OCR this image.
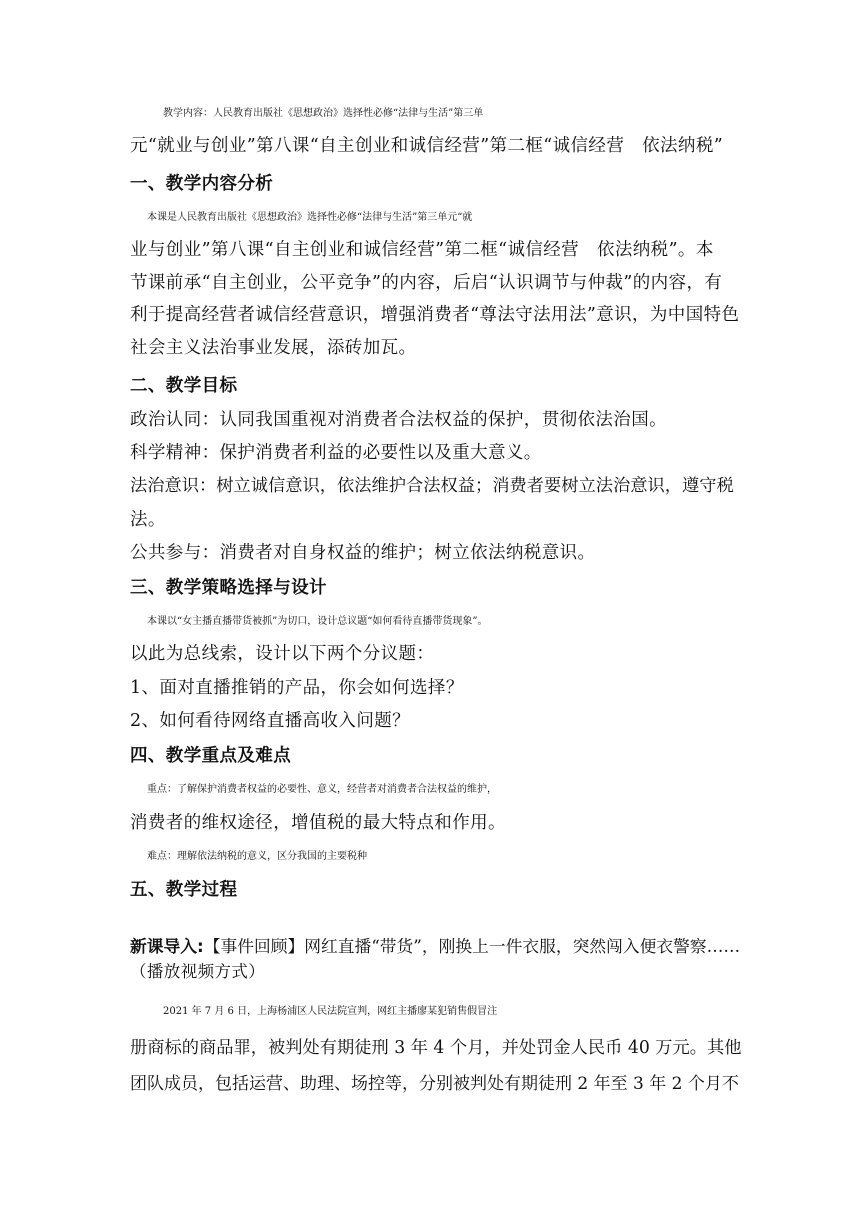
教学内容：人民教育出版社《思想政治》选择性必修“法律与生活”第三单
元“就业与创业”第八课“自主创业和诚信经营”第二框“诚信经营　依法纳税”
一、教学内容分析
本课是人民教育出版社《思想政治》选择性必修“法律与生活”第三单元“就
业与创业”第八课“自主创业和诚信经营”第二框“诚信经营　依法纳税”。本
节课前承“自主创业，公平竞争”的内容，后启“认识调节与仲裁”的内容，有
利于提高经营者诚信经营意识，增强消费者“尊法守法用法”意识，为中国特色
社会主义法治事业发展，添砖加瓦。
二、教学目标
政治认同：认同我国重视对消费者合法权益的保护，贯彻依法治国。
科学精神：保护消费者利益的必要性以及重大意义。
法治意识：树立诚信意识，依法维护合法权益；消费者要树立法治意识，遵守税
法。
公共参与：消费者对自身权益的维护；树立依法纳税意识。
三、教学策略选择与设计
本课以“女主播直播带货被抓”为切口，设计总议题“如何看待直播带货现象”。
以此为总线索，设计以下两个分议题：
1、面对直播推销的产品，你会如何选择？
2、如何看待网络直播高收入问题？
四、教学重点及难点
重点：了解保护消费者权益的必要性、意义，经营者对消费者合法权益的维护，
消费者的维权途径，增值税的最大特点和作用。
难点：理解依法纳税的意义，区分我国的主要税种
五、教学过程
新课导入:【事件回顾】网红直播“带货”，刚换上一件衣服，突然闯入便衣警察……
（播放视频方式）
2021 年 7 月 6 日，上海杨浦区人民法院宣判，网红主播廖某犯销售假冒注
册商标的商品罪，被判处有期徒刑 3 年 4 个月，并处罚金人民币 40 万元。其他
团队成员，包括运营、助理、场控等，分别被判处有期徒刑 2 年至 3 年 2 个月不
